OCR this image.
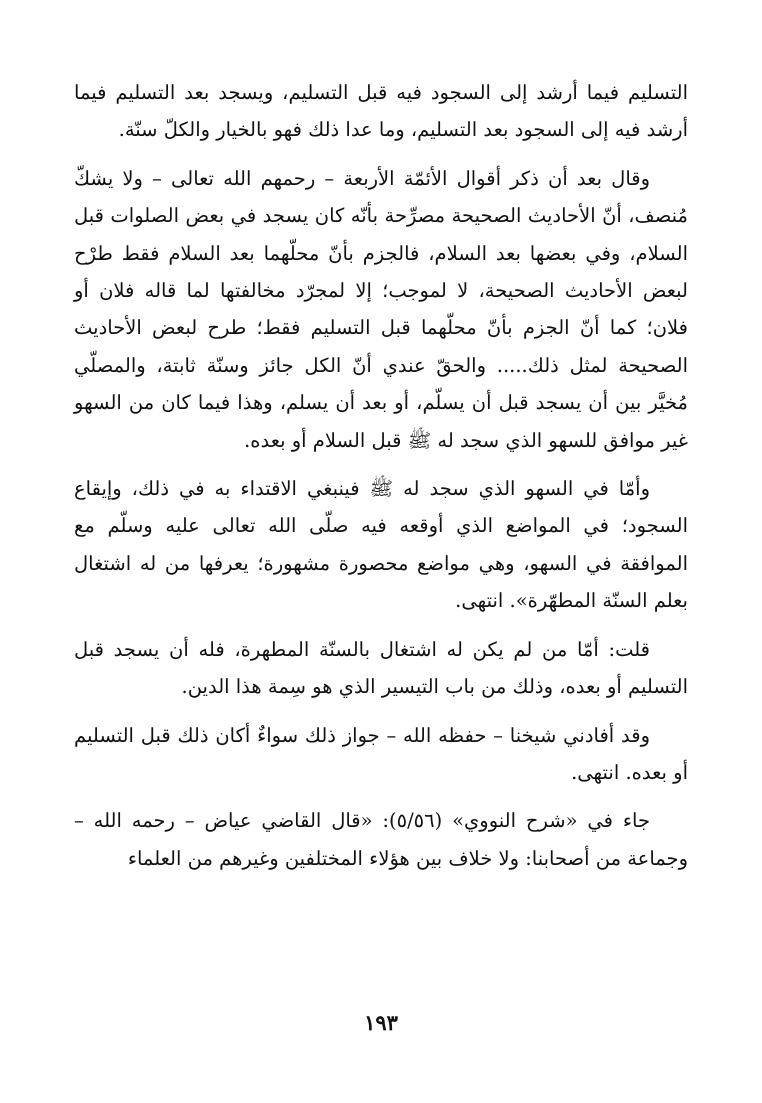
التسليم فيما أرشد إلى السجود فيه قبل التسليم، ويسجد بعد التسليم فيما أرشد فيه إلى السجود بعد التسليم، وما عدا ذلك فهو بالخيار والكلّ سنّة.

وقال بعد أن ذكر أقوال الأئمّة الأربعة – رحمهم الله تعالى – ولا يشكّ مُنصف، أنّ الأحاديث الصحيحة مصرِّحة بأنّه كان يسجد في بعض الصلوات قبل السلام، وفي بعضها بعد السلام، فالجزم بأنّ محلّهما بعد السلام فقط طرْح لبعض الأحاديث الصحيحة، لا لموجب؛ إلا لمجرّد مخالفتها لما قاله فلان أو فلان؛ كما أنّ الجزم بأنّ محلّهما قبل التسليم فقط؛ طرح لبعض الأحاديث الصحيحة لمثل ذلك..... والحقّ عندي أنّ الكل جائز وسنّة ثابتة، والمصلّي مُخيَّر بين أن يسجد قبل أن يسلّم، أو بعد أن يسلم، وهذا فيما كان من السهو غير موافق للسهو الذي سجد له ﷺ قبل السلام أو بعده.

وأمّا في السهو الذي سجد له ﷺ فينبغي الاقتداء به في ذلك، وإيقاع السجود؛ في المواضع الذي أوقعه فيه صلّى الله تعالى عليه وسلّم مع الموافقة في السهو، وهي مواضع محصورة مشهورة؛ يعرفها من له اشتغال بعلم السنّة المطهّرة». انتهى.

قلت: أمّا من لم يكن له اشتغال بالسنّة المطهرة، فله أن يسجد قبل التسليم أو بعده، وذلك من باب التيسير الذي هو سِمة هذا الدين.

وقد أفادني شيخنا – حفظه الله – جواز ذلك سواءٌ أكان ذلك قبل التسليم أو بعده. انتهى.

جاء في «شرح النووي» (٥/٥٦): «قال القاضي عياض – رحمه الله – وجماعة من أصحابنا: ولا خلاف بين هؤلاء المختلفين وغيرهم من العلماء

١٩٣
